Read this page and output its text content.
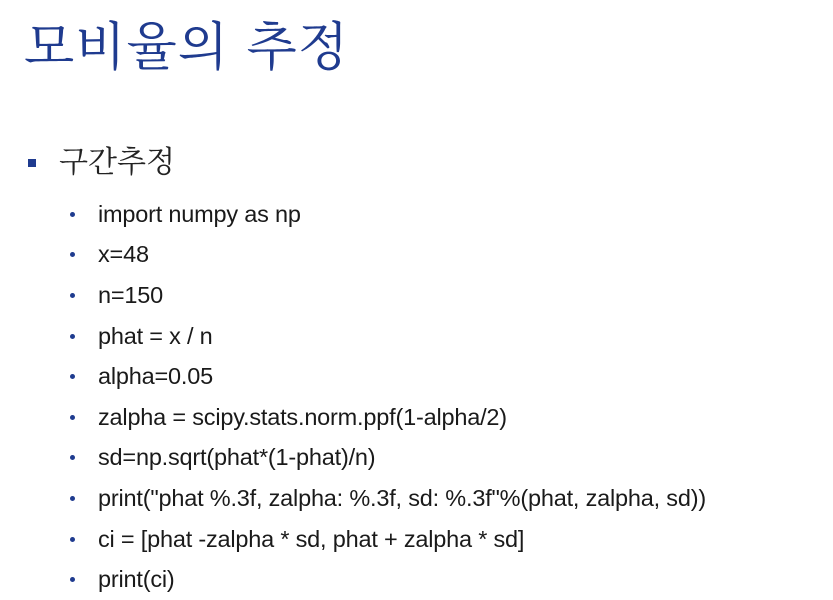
모비율의 추정
구간추정
import numpy as np
x=48
n=150
phat = x / n
alpha=0.05
zalpha = scipy.stats.norm.ppf(1-alpha/2)
sd=np.sqrt(phat*(1-phat)/n)
print("phat %.3f, zalpha: %.3f, sd: %.3f"%(phat, zalpha, sd))
ci = [phat -zalpha * sd, phat + zalpha * sd]
print(ci)
